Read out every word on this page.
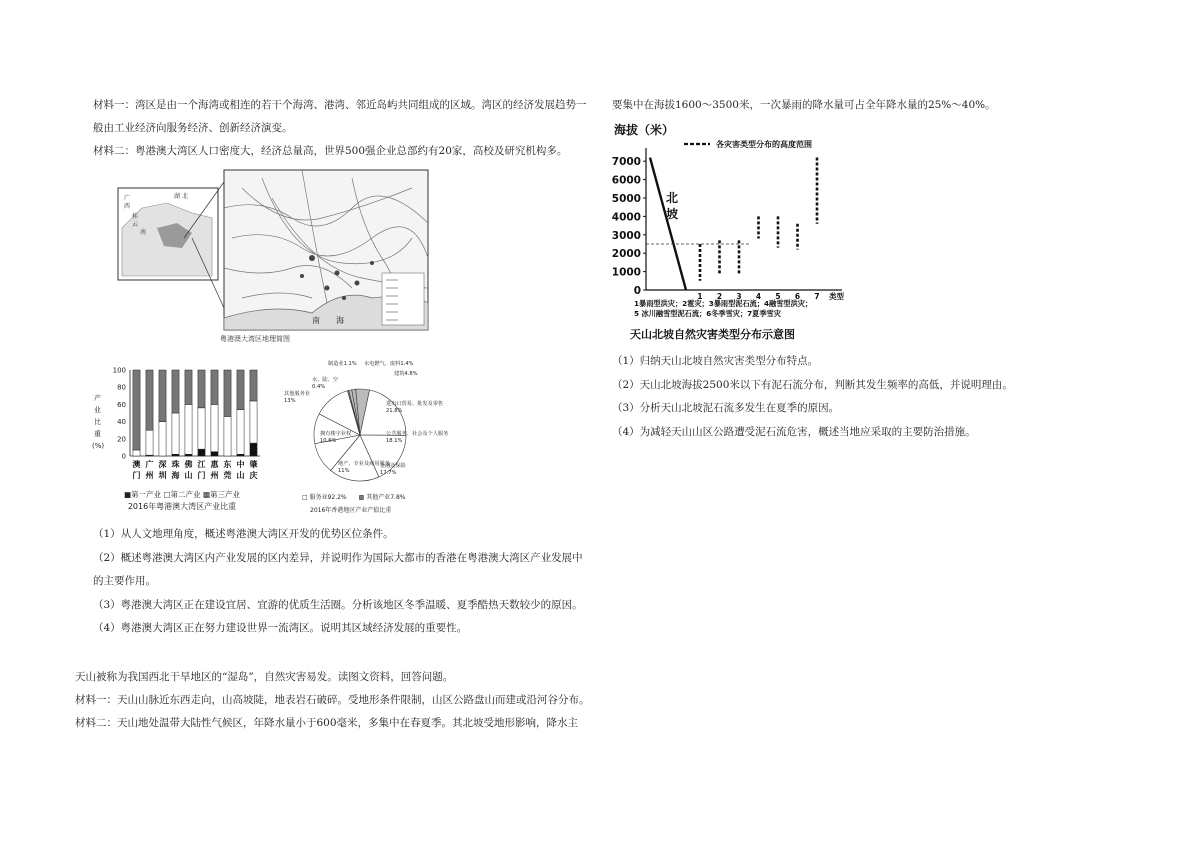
材料一：湾区是由一个海湾或相连的若干个海湾、港湾、邻近岛屿共同组成的区域。湾区的经济发展趋势一般由工业经济向服务经济、创新经济演变。

材料二：粤港澳大湾区人口密度大，经济总量高，世界500强企业总部约有20家，高校及研究机构多。

广
西
桂
云
南
湖 北
南　　海
粤港澳大湾区地理简图
产
业
比
重
(%)
0
20
40
60
80
100
澳
门
广
州
深
圳
珠
海
佛
山
江
门
惠
州
东
莞
中
山
肇
庆
■第一产业 □第二产业 ▩第三产业
2016年粤港澳大湾区产业比重
制造业1.1% 水电燃气、废料1.4%
建筑4.8%
进出口贸易、批发及零售 21.8%
公共服务、社会及个人服务 18.1%
金融及保险 17.7%
地产、专业及商用服务 11%
拥有楼宇业权 10.6%
其他服务业 13%
水、陆、空 0.4%
□ 服务业92.2%　　▩ 其他产业7.8%
2016年香港地区产业产值比重

（1）从人文地理角度，概述粤港澳大湾区开发的优势区位条件。

（2）概述粤港澳大湾区内产业发展的区内差异，并说明作为国际大都市的香港在粤港澳大湾区产业发展中的主要作用。

（3）粤港澳大湾区正在建设宜居、宜游的优质生活圈。分析该地区冬季温暖、夏季酷热天数较少的原因。

（4）粤港澳大湾区正在努力建设世界一流湾区。说明其区域经济发展的重要性。

天山被称为我国西北干旱地区的“湿岛”，自然灾害易发。读图文资料，回答问题。

材料一：天山山脉近东西走向，山高坡陡，地表岩石破碎。受地形条件限制，山区公路盘山而建或沿河谷分布。

材料二：天山地处温带大陆性气候区，年降水量小于600毫米，多集中在春夏季。其北坡受地形影响，降水主

要集中在海拔1600～3500米，一次暴雨的降水量可占全年降水量的25%～40%。

海拔（米）
各灾害类型分布的高度范围
0
1000
2000
3000
4000
5000
6000
7000
1 2 3 4 5 6 7 类型
北
坡
1暴雨型洪灾；2雹灾；3暴雨型泥石流；4融雪型洪灾；
5 冰川融雪型泥石流；6冬季雪灾；7夏季雪灾
天山北坡自然灾害类型分布示意图

（1）归纳天山北坡自然灾害类型分布特点。

（2）天山北坡海拔2500米以下有泥石流分布，判断其发生频率的高低，并说明理由。

（3）分析天山北坡泥石流多发生在夏季的原因。

（4）为减轻天山山区公路遭受泥石流危害，概述当地应采取的主要防治措施。
